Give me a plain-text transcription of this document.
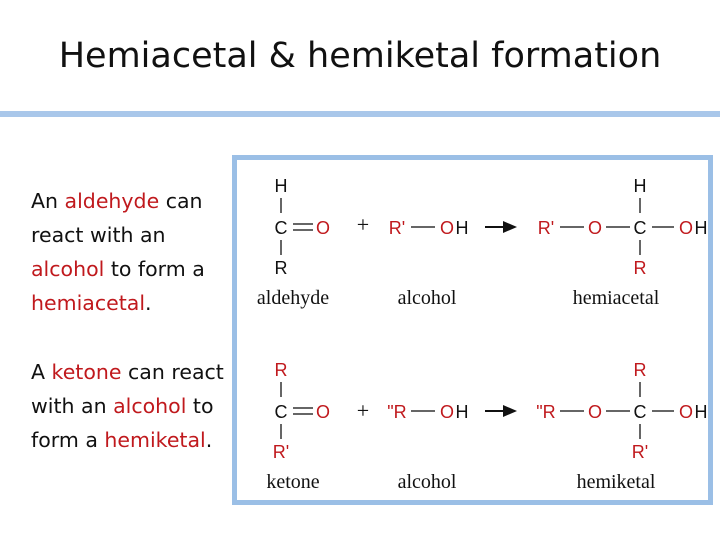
Hemiacetal & hemiketal formation
An aldehyde can react with an alcohol to form a hemiacetal.
A ketone can react with an alcohol to form a hemiketal.
H
C O
R
aldehyde
+ R' O H
alcohol
R' O
H
C O H
R
hemiacetal
R
C O
R'
ketone
+ "R O H
alcohol
"R O
R
C O H
R'
hemiketal
